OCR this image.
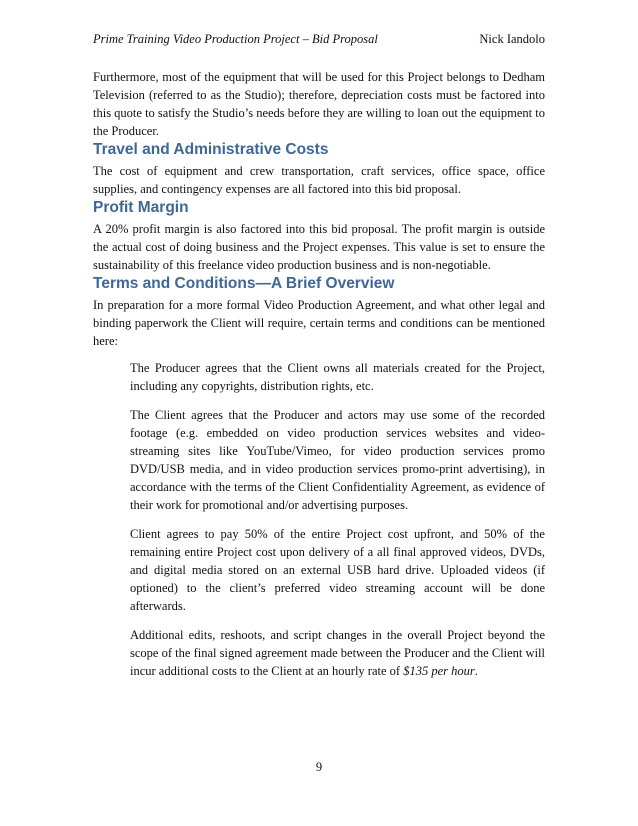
Prime Training Video Production Project – Bid Proposal	Nick Iandolo

Furthermore, most of the equipment that will be used for this Project belongs to Dedham Television (referred to as the Studio); therefore, depreciation costs must be factored into this quote to satisfy the Studio’s needs before they are willing to loan out the equipment to the Producer.

Travel and Administrative Costs

The cost of equipment and crew transportation, craft services, office space, office supplies, and contingency expenses are all factored into this bid proposal.

Profit Margin

A 20% profit margin is also factored into this bid proposal. The profit margin is outside the actual cost of doing business and the Project expenses. This value is set to ensure the sustainability of this freelance video production business and is non-negotiable.

Terms and Conditions—A Brief Overview

In preparation for a more formal Video Production Agreement, and what other legal and binding paperwork the Client will require, certain terms and conditions can be mentioned here:

The Producer agrees that the Client owns all materials created for the Project, including any copyrights, distribution rights, etc.

The Client agrees that the Producer and actors may use some of the recorded footage (e.g. embedded on video production services websites and video-streaming sites like YouTube/Vimeo, for video production services promo DVD/USB media, and in video production services promo-print advertising), in accordance with the terms of the Client Confidentiality Agreement, as evidence of their work for promotional and/or advertising purposes.

Client agrees to pay 50% of the entire Project cost upfront, and 50% of the remaining entire Project cost upon delivery of a all final approved videos, DVDs, and digital media stored on an external USB hard drive. Uploaded videos (if optioned) to the client’s preferred video streaming account will be done afterwards.

Additional edits, reshoots, and script changes in the overall Project beyond the scope of the final signed agreement made between the Producer and the Client will incur additional costs to the Client at an hourly rate of $135 per hour.

9
